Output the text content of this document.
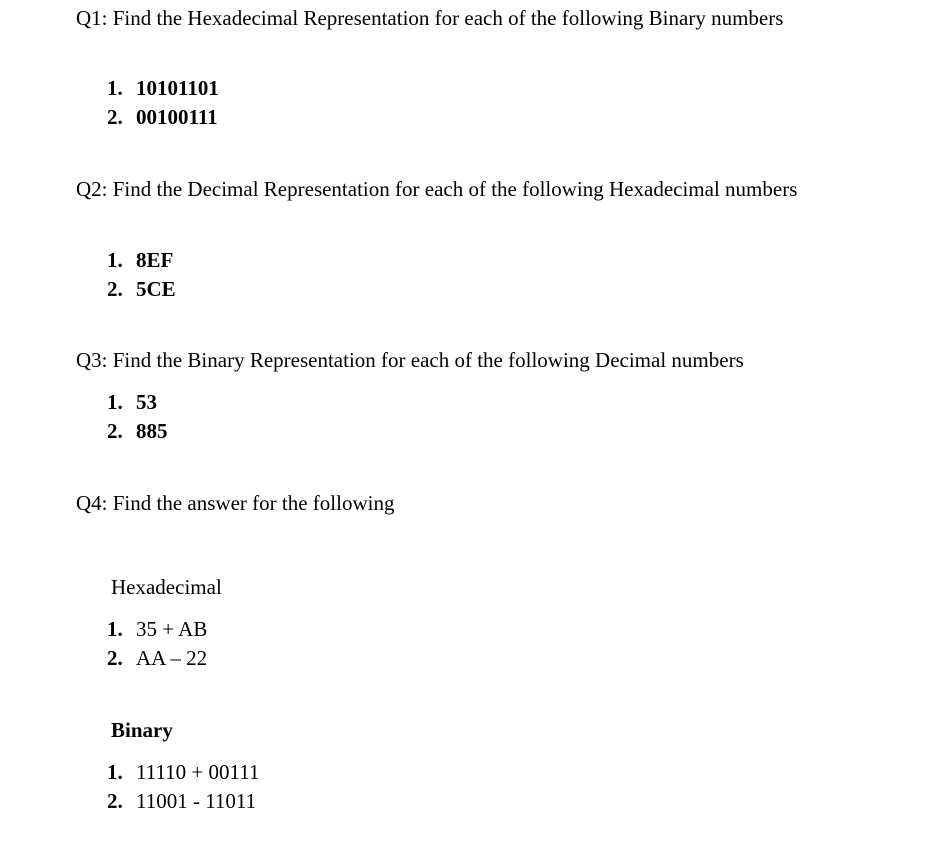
Q1: Find the Hexadecimal Representation for each of the following Binary numbers

1. 10101101
2. 00100111

Q2: Find the Decimal Representation for each of the following Hexadecimal numbers

1. 8EF
2. 5CE

Q3: Find the Binary Representation for each of the following Decimal numbers

1. 53
2. 885

Q4: Find the answer for the following

Hexadecimal

1. 35 + AB
2. AA – 22

Binary

1. 11110 + 00111
2. 11001 - 11011
